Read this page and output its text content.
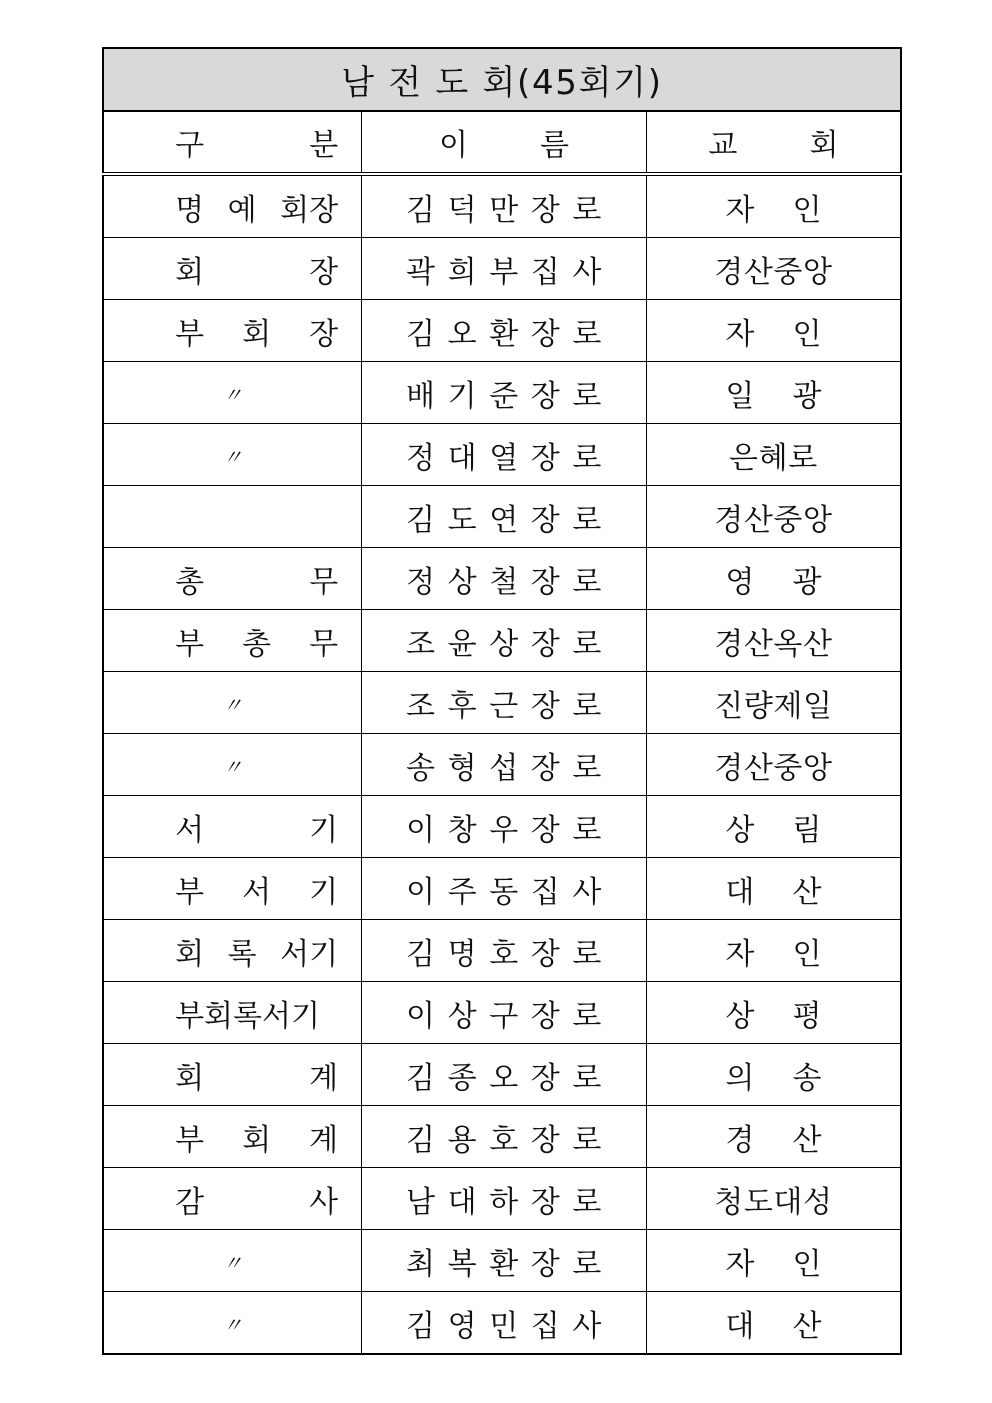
남 전 도 회(45회기)		
구 분	이 름	교 회
명 예 회장	김덕만장로	자 인
회 장	곽희부집사	경산중앙
부 회 장	김오환장로	자 인
〃	배기준장로	일 광
〃	정대열장로	은혜로
	김도연장로	경산중앙
총 무	정상철장로	영 광
부 총 무	조윤상장로	경산옥산
〃	조후근장로	진량제일
〃	송형섭장로	경산중앙
서 기	이창우장로	상 림
부 서 기	이주동집사	대 산
회 록 서기	김명호장로	자 인
부회록서기	이상구장로	상 평
회 계	김종오장로	의 송
부 회 계	김용호장로	경 산
감 사	남대하장로	청도대성
〃	최복환장로	자 인
〃	김영민집사	대 산
